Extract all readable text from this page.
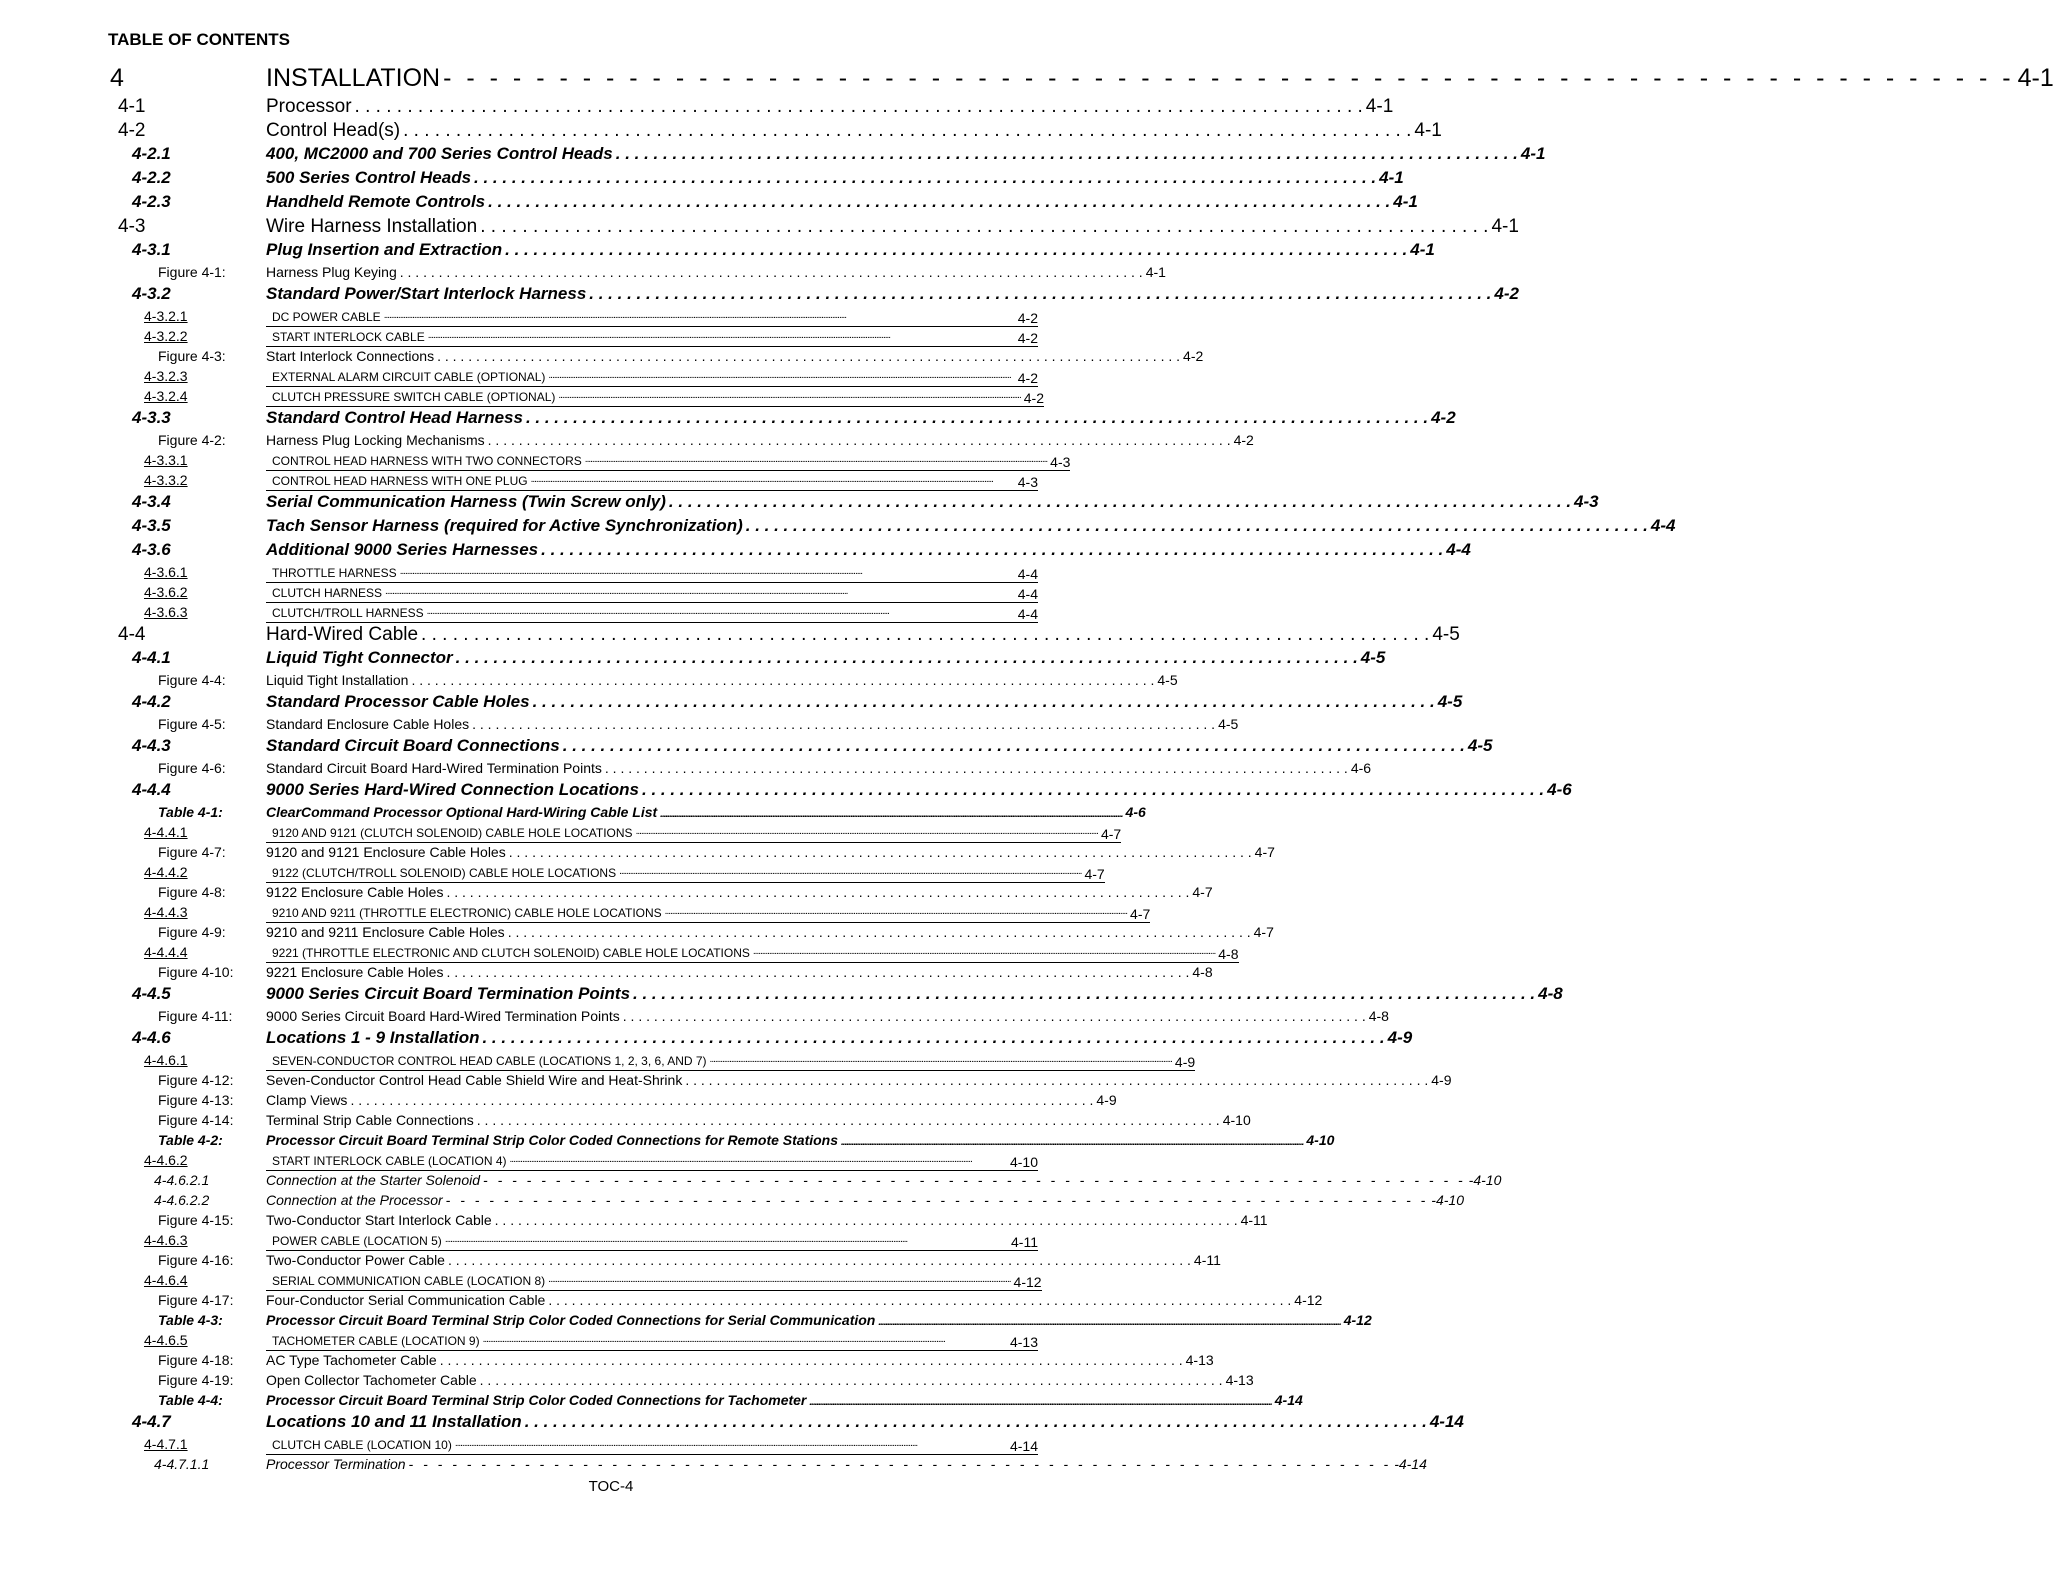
TABLE OF CONTENTS
4	INSTALLATION - - - - - - - - - - - - - - - - - - - - - - - - - - - - - - - - - - - - - - - - - - - - - - - - - - - - - - - - - - - - - - - - - - - - 4-1
4-1	Processor . . . . . . . . . . . . . . . . . . . . . . . . . . . . . . . . . . . . . . . . . . . . . . . . . . . . . . . . . . . . . . . . . . . . . . . . . . . . . . . . . . . . . . . . . . . . . . . . 4-1
4-2	Control Head(s) . . . . . . . . . . . . . . . . . . . . . . . . . . . . . . . . . . . . . . . . . . . . . . . . . . . . . . . . . . . . . . . . . . . . . . . . . . . . . . . . . . . . . . . . . . . . . . . . 4-1
4-2.1	400, MC2000 and 700 Series Control Heads . . . . . . . . . . . . . . . . . . . . . . . . . . . . . . . . . . . . . . . . . . . . . . . . . . . . . . . . . . . . . . . . . . . . . . . . . . . . . . . . . . . . . . . . . . . . . . . . 4-1
4-2.2	500 Series Control Heads . . . . . . . . . . . . . . . . . . . . . . . . . . . . . . . . . . . . . . . . . . . . . . . . . . . . . . . . . . . . . . . . . . . . . . . . . . . . . . . . . . . . . . . . . . . . . . . . 4-1
4-2.3	Handheld Remote Controls . . . . . . . . . . . . . . . . . . . . . . . . . . . . . . . . . . . . . . . . . . . . . . . . . . . . . . . . . . . . . . . . . . . . . . . . . . . . . . . . . . . . . . . . . . . . . . . . 4-1
4-3	Wire Harness Installation . . . . . . . . . . . . . . . . . . . . . . . . . . . . . . . . . . . . . . . . . . . . . . . . . . . . . . . . . . . . . . . . . . . . . . . . . . . . . . . . . . . . . . . . . . . . . . . . 4-1
4-3.1	Plug Insertion and Extraction . . . . . . . . . . . . . . . . . . . . . . . . . . . . . . . . . . . . . . . . . . . . . . . . . . . . . . . . . . . . . . . . . . . . . . . . . . . . . . . . . . . . . . . . . . . . . . . . 4-1
Figure 4-1:	Harness Plug Keying . . . . . . . . . . . . . . . . . . . . . . . . . . . . . . . . . . . . . . . . . . . . . . . . . . . . . . . . . . . . . . . . . . . . . . . . . . . . . . . . . . . . . . . . . . . . . . . . 4-1
4-3.2	Standard Power/Start Interlock Harness . . . . . . . . . . . . . . . . . . . . . . . . . . . . . . . . . . . . . . . . . . . . . . . . . . . . . . . . . . . . . . . . . . . . . . . . . . . . . . . . . . . . . . . . . . . . . . . . 4-2
4-3.2.1	DC POWER CABLE ....................................................................................................................................................................................................................................................................	4-2
4-3.2.2	START INTERLOCK CABLE ....................................................................................................................................................................................................................................................................	4-2
Figure 4-3:	Start Interlock Connections . . . . . . . . . . . . . . . . . . . . . . . . . . . . . . . . . . . . . . . . . . . . . . . . . . . . . . . . . . . . . . . . . . . . . . . . . . . . . . . . . . . . . . . . . . . . . . . . 4-2
4-3.2.3	EXTERNAL ALARM CIRCUIT CABLE (OPTIONAL) .................................................................................................................................................................................................................................................................... 4-2
4-3.2.4	CLUTCH PRESSURE SWITCH CABLE (OPTIONAL) .................................................................................................................................................................................................................................................................... 4-2
4-3.3	Standard Control Head Harness . . . . . . . . . . . . . . . . . . . . . . . . . . . . . . . . . . . . . . . . . . . . . . . . . . . . . . . . . . . . . . . . . . . . . . . . . . . . . . . . . . . . . . . . . . . . . . . . 4-2
Figure 4-2:	Harness Plug Locking Mechanisms . . . . . . . . . . . . . . . . . . . . . . . . . . . . . . . . . . . . . . . . . . . . . . . . . . . . . . . . . . . . . . . . . . . . . . . . . . . . . . . . . . . . . . . . . . . . . . . . 4-2
4-3.3.1	CONTROL HEAD HARNESS WITH TWO CONNECTORS .................................................................................................................................................................................................................................................................... 4-3
4-3.3.2	CONTROL HEAD HARNESS WITH ONE PLUG ....................................................................................................................................................................................................................................................................	4-3
4-3.4	Serial Communication Harness (Twin Screw only) . . . . . . . . . . . . . . . . . . . . . . . . . . . . . . . . . . . . . . . . . . . . . . . . . . . . . . . . . . . . . . . . . . . . . . . . . . . . . . . . . . . . . . . . . . . . . . . . 4-3
4-3.5	Tach Sensor Harness (required for Active Synchronization) . . . . . . . . . . . . . . . . . . . . . . . . . . . . . . . . . . . . . . . . . . . . . . . . . . . . . . . . . . . . . . . . . . . . . . . . . . . . . . . . . . . . . . . . . . . . . . . . 4-4
4-3.6	Additional 9000 Series Harnesses . . . . . . . . . . . . . . . . . . . . . . . . . . . . . . . . . . . . . . . . . . . . . . . . . . . . . . . . . . . . . . . . . . . . . . . . . . . . . . . . . . . . . . . . . . . . . . . . 4-4
4-3.6.1	THROTTLE HARNESS ....................................................................................................................................................................................................................................................................	4-4
4-3.6.2	CLUTCH HARNESS ....................................................................................................................................................................................................................................................................	4-4
4-3.6.3	CLUTCH/TROLL HARNESS ....................................................................................................................................................................................................................................................................	4-4
4-4	Hard-Wired Cable . . . . . . . . . . . . . . . . . . . . . . . . . . . . . . . . . . . . . . . . . . . . . . . . . . . . . . . . . . . . . . . . . . . . . . . . . . . . . . . . . . . . . . . . . . . . . . . . 4-5
4-4.1	Liquid Tight Connector . . . . . . . . . . . . . . . . . . . . . . . . . . . . . . . . . . . . . . . . . . . . . . . . . . . . . . . . . . . . . . . . . . . . . . . . . . . . . . . . . . . . . . . . . . . . . . . . 4-5
Figure 4-4:	Liquid Tight Installation . . . . . . . . . . . . . . . . . . . . . . . . . . . . . . . . . . . . . . . . . . . . . . . . . . . . . . . . . . . . . . . . . . . . . . . . . . . . . . . . . . . . . . . . . . . . . . . . 4-5
4-4.2	Standard Processor Cable Holes . . . . . . . . . . . . . . . . . . . . . . . . . . . . . . . . . . . . . . . . . . . . . . . . . . . . . . . . . . . . . . . . . . . . . . . . . . . . . . . . . . . . . . . . . . . . . . . . 4-5
Figure 4-5:	Standard Enclosure Cable Holes . . . . . . . . . . . . . . . . . . . . . . . . . . . . . . . . . . . . . . . . . . . . . . . . . . . . . . . . . . . . . . . . . . . . . . . . . . . . . . . . . . . . . . . . . . . . . . . . 4-5
4-4.3	Standard Circuit Board Connections . . . . . . . . . . . . . . . . . . . . . . . . . . . . . . . . . . . . . . . . . . . . . . . . . . . . . . . . . . . . . . . . . . . . . . . . . . . . . . . . . . . . . . . . . . . . . . . . 4-5
Figure 4-6:	Standard Circuit Board Hard-Wired Termination Points . . . . . . . . . . . . . . . . . . . . . . . . . . . . . . . . . . . . . . . . . . . . . . . . . . . . . . . . . . . . . . . . . . . . . . . . . . . . . . . . . . . . . . . . . . . . . . . . 4-6
4-4.4	9000 Series Hard-Wired Connection Locations . . . . . . . . . . . . . . . . . . . . . . . . . . . . . . . . . . . . . . . . . . . . . . . . . . . . . . . . . . . . . . . . . . . . . . . . . . . . . . . . . . . . . . . . . . . . . . . . 4-6
Table 4-1:	ClearCommand Processor Optional Hard-Wiring Cable List .................................................................................................................................................................................................................................................................... 4-6
4-4.4.1	9120 AND 9121 (CLUTCH SOLENOID) CABLE HOLE LOCATIONS .................................................................................................................................................................................................................................................................... 4-7
Figure 4-7:	9120 and 9121 Enclosure Cable Holes . . . . . . . . . . . . . . . . . . . . . . . . . . . . . . . . . . . . . . . . . . . . . . . . . . . . . . . . . . . . . . . . . . . . . . . . . . . . . . . . . . . . . . . . . . . . . . . . 4-7
4-4.4.2	9122 (CLUTCH/TROLL SOLENOID) CABLE HOLE LOCATIONS .................................................................................................................................................................................................................................................................... 4-7
Figure 4-8:	9122 Enclosure Cable Holes . . . . . . . . . . . . . . . . . . . . . . . . . . . . . . . . . . . . . . . . . . . . . . . . . . . . . . . . . . . . . . . . . . . . . . . . . . . . . . . . . . . . . . . . . . . . . . . . 4-7
4-4.4.3	9210 AND 9211 (THROTTLE ELECTRONIC) CABLE HOLE LOCATIONS .................................................................................................................................................................................................................................................................... 4-7
Figure 4-9:	9210 and 9211 Enclosure Cable Holes . . . . . . . . . . . . . . . . . . . . . . . . . . . . . . . . . . . . . . . . . . . . . . . . . . . . . . . . . . . . . . . . . . . . . . . . . . . . . . . . . . . . . . . . . . . . . . . . 4-7
4-4.4.4	9221 (THROTTLE ELECTRONIC AND CLUTCH SOLENOID) CABLE HOLE LOCATIONS .................................................................................................................................................................................................................................................................... 4-8
Figure 4-10:	9221 Enclosure Cable Holes . . . . . . . . . . . . . . . . . . . . . . . . . . . . . . . . . . . . . . . . . . . . . . . . . . . . . . . . . . . . . . . . . . . . . . . . . . . . . . . . . . . . . . . . . . . . . . . . 4-8
4-4.5	9000 Series Circuit Board Termination Points . . . . . . . . . . . . . . . . . . . . . . . . . . . . . . . . . . . . . . . . . . . . . . . . . . . . . . . . . . . . . . . . . . . . . . . . . . . . . . . . . . . . . . . . . . . . . . . . 4-8
Figure 4-11:	9000 Series Circuit Board Hard-Wired Termination Points . . . . . . . . . . . . . . . . . . . . . . . . . . . . . . . . . . . . . . . . . . . . . . . . . . . . . . . . . . . . . . . . . . . . . . . . . . . . . . . . . . . . . . . . . . . . . . . . 4-8
4-4.6	Locations 1 - 9 Installation . . . . . . . . . . . . . . . . . . . . . . . . . . . . . . . . . . . . . . . . . . . . . . . . . . . . . . . . . . . . . . . . . . . . . . . . . . . . . . . . . . . . . . . . . . . . . . . . 4-9
4-4.6.1	SEVEN-CONDUCTOR CONTROL HEAD CABLE (LOCATIONS 1, 2, 3, 6, AND 7) .................................................................................................................................................................................................................................................................... 4-9
Figure 4-12:	Seven-Conductor Control Head Cable Shield Wire and Heat-Shrink . . . . . . . . . . . . . . . . . . . . . . . . . . . . . . . . . . . . . . . . . . . . . . . . . . . . . . . . . . . . . . . . . . . . . . . . . . . . . . . . . . . . . . . . . . . . . . . . 4-9
Figure 4-13:	Clamp Views . . . . . . . . . . . . . . . . . . . . . . . . . . . . . . . . . . . . . . . . . . . . . . . . . . . . . . . . . . . . . . . . . . . . . . . . . . . . . . . . . . . . . . . . . . . . . . . . 4-9
Figure 4-14:	Terminal Strip Cable Connections . . . . . . . . . . . . . . . . . . . . . . . . . . . . . . . . . . . . . . . . . . . . . . . . . . . . . . . . . . . . . . . . . . . . . . . . . . . . . . . . . . . . . . . . . . . . . . . . 4-10
Table 4-2:	Processor Circuit Board Terminal Strip Color Coded Connections for Remote Stations .................................................................................................................................................................................................................................................................... 4-10
4-4.6.2	START INTERLOCK CABLE (LOCATION 4) ....................................................................................................................................................................................................................................................................	4-10
4-4.6.2.1	Connection at the Starter Solenoid - - - - - - - - - - - - - - - - - - - - - - - - - - - - - - - - - - - - - - - - - - - - - - - - - - - - - - - - - - - - - - - - - - - - -4-10
4-4.6.2.2	Connection at the Processor - - - - - - - - - - - - - - - - - - - - - - - - - - - - - - - - - - - - - - - - - - - - - - - - - - - - - - - - - - - - - - - - - - - - -4-10
Figure 4-15:	Two-Conductor Start Interlock Cable . . . . . . . . . . . . . . . . . . . . . . . . . . . . . . . . . . . . . . . . . . . . . . . . . . . . . . . . . . . . . . . . . . . . . . . . . . . . . . . . . . . . . . . . . . . . . . . . 4-11
4-4.6.3	POWER CABLE (LOCATION 5) ....................................................................................................................................................................................................................................................................	4-11
Figure 4-16:	Two-Conductor Power Cable . . . . . . . . . . . . . . . . . . . . . . . . . . . . . . . . . . . . . . . . . . . . . . . . . . . . . . . . . . . . . . . . . . . . . . . . . . . . . . . . . . . . . . . . . . . . . . . . 4-11
4-4.6.4	SERIAL COMMUNICATION CABLE (LOCATION 8) .................................................................................................................................................................................................................................................................... 4-12
Figure 4-17:	Four-Conductor Serial Communication Cable . . . . . . . . . . . . . . . . . . . . . . . . . . . . . . . . . . . . . . . . . . . . . . . . . . . . . . . . . . . . . . . . . . . . . . . . . . . . . . . . . . . . . . . . . . . . . . . . 4-12
Table 4-3:	Processor Circuit Board Terminal Strip Color Coded Connections for Serial Communication .................................................................................................................................................................................................................................................................... 4-12
4-4.6.5	TACHOMETER CABLE (LOCATION 9) ....................................................................................................................................................................................................................................................................	4-13
Figure 4-18:	AC Type Tachometer Cable . . . . . . . . . . . . . . . . . . . . . . . . . . . . . . . . . . . . . . . . . . . . . . . . . . . . . . . . . . . . . . . . . . . . . . . . . . . . . . . . . . . . . . . . . . . . . . . . 4-13
Figure 4-19:	Open Collector Tachometer Cable . . . . . . . . . . . . . . . . . . . . . . . . . . . . . . . . . . . . . . . . . . . . . . . . . . . . . . . . . . . . . . . . . . . . . . . . . . . . . . . . . . . . . . . . . . . . . . . . 4-13
Table 4-4:	Processor Circuit Board Terminal Strip Color Coded Connections for Tachometer .................................................................................................................................................................................................................................................................... 4-14
4-4.7	Locations 10 and 11 Installation . . . . . . . . . . . . . . . . . . . . . . . . . . . . . . . . . . . . . . . . . . . . . . . . . . . . . . . . . . . . . . . . . . . . . . . . . . . . . . . . . . . . . . . . . . . . . . . . 4-14
4-4.7.1	CLUTCH CABLE (LOCATION 10) ....................................................................................................................................................................................................................................................................	4-14
4-4.7.1.1	Processor Termination - - - - - - - - - - - - - - - - - - - - - - - - - - - - - - - - - - - - - - - - - - - - - - - - - - - - - - - - - - - - - - - - - - - - -4-14
TOC-4
